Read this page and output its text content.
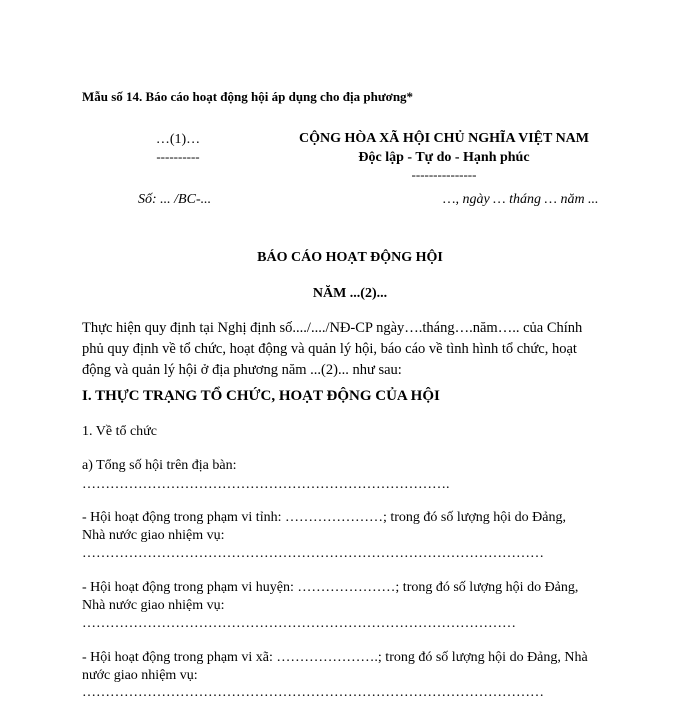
Mẫu số 14. Báo cáo hoạt động hội áp dụng cho địa phương*
…(1)…
----------
CỘNG HÒA XÃ HỘI CHỦ NGHĨA VIỆT NAM
Độc lập - Tự do - Hạnh phúc
---------------
Số: ... /BC-...	…, ngày … tháng … năm ...
BÁO CÁO HOẠT ĐỘNG HỘI
NĂM ...(2)...
Thực hiện quy định tại Nghị định số..../..../NĐ-CP ngày….tháng….năm….. của Chính
phủ quy định về tổ chức, hoạt động và quản lý hội, báo cáo về tình hình tổ chức, hoạt
động và quản lý hội ở địa phương năm ...(2)... như sau:
I. THỰC TRẠNG TỔ CHỨC, HOẠT ĐỘNG CỦA HỘI
1. Về tổ chức
a) Tổng số hội trên địa bàn:
…………………………………………………………………….
- Hội hoạt động trong phạm vi tỉnh: …………………; trong đó số lượng hội do Đảng,
Nhà nước giao nhiệm vụ:
………………………………………………………………………………………
- Hội hoạt động trong phạm vi huyện: …………………; trong đó số lượng hội do Đảng,
Nhà nước giao nhiệm vụ:
…………………………………………………………………………………
- Hội hoạt động trong phạm vi xã: ………………….; trong đó số lượng hội do Đảng, Nhà
nước giao nhiệm vụ:
………………………………………………………………………………………
